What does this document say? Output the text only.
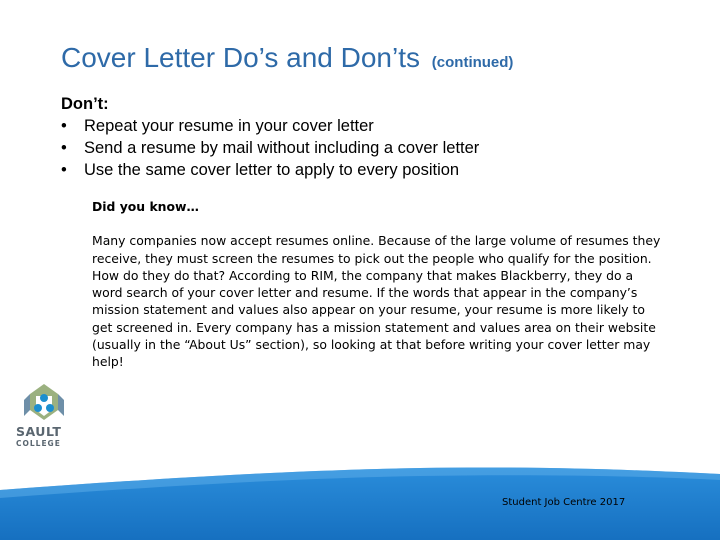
Cover Letter Do’s and Don’ts (continued)
Don’t:
• Repeat your resume in your cover letter
• Send a resume by mail without including a cover letter
• Use the same cover letter to apply to every position
Did you know…

Many companies now accept resumes online. Because of the large volume of resumes they receive, they must screen the resumes to pick out the people who qualify for the position. How do they do that? According to RIM, the company that makes Blackberry, they do a word search of your cover letter and resume. If the words that appear in the company’s mission statement and values also appear on your resume, your resume is more likely to get screened in. Every company has a mission statement and values area on their website (usually in the “About Us” section), so looking at that before writing your cover letter may help!

SAULT
COLLEGE
Student Job Centre 2017
